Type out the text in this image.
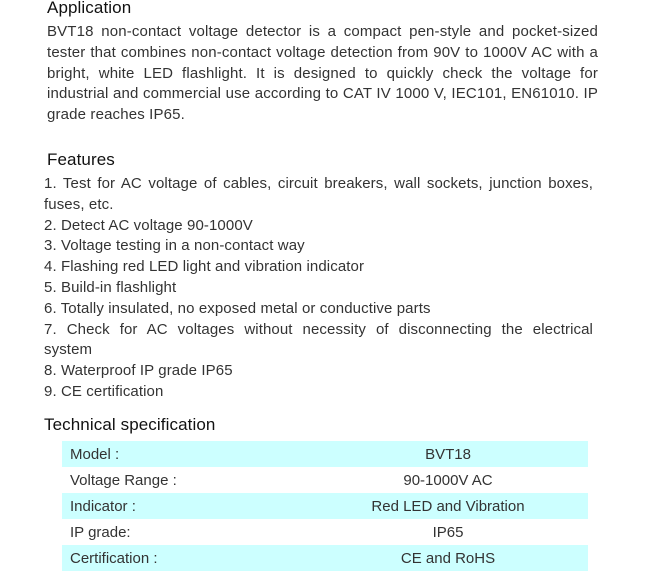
Application

BVT18 non-contact voltage detector is a compact pen-style and pocket-sized tester that combines non-contact voltage detection from 90V to 1000V AC with a bright, white LED flashlight. It is designed to quickly check the voltage for industrial and commercial use according to CAT IV 1000 V, IEC101, EN61010. IP grade reaches IP65.

Features
1. Test for AC voltage of cables, circuit breakers, wall sockets, junction boxes, fuses, etc.
2. Detect AC voltage 90-1000V
3. Voltage testing in a non-contact way
4. Flashing red LED light and vibration indicator
5. Build-in flashlight
6. Totally insulated, no exposed metal or conductive parts
7. Check for AC voltages without necessity of disconnecting the electrical system
8. Waterproof IP grade IP65
9. CE certification
Technical specification
Model :	BVT18
Voltage Range :	90-1000V AC
Indicator :	Red LED and Vibration
IP grade:	IP65
Certification :	CE and RoHS
